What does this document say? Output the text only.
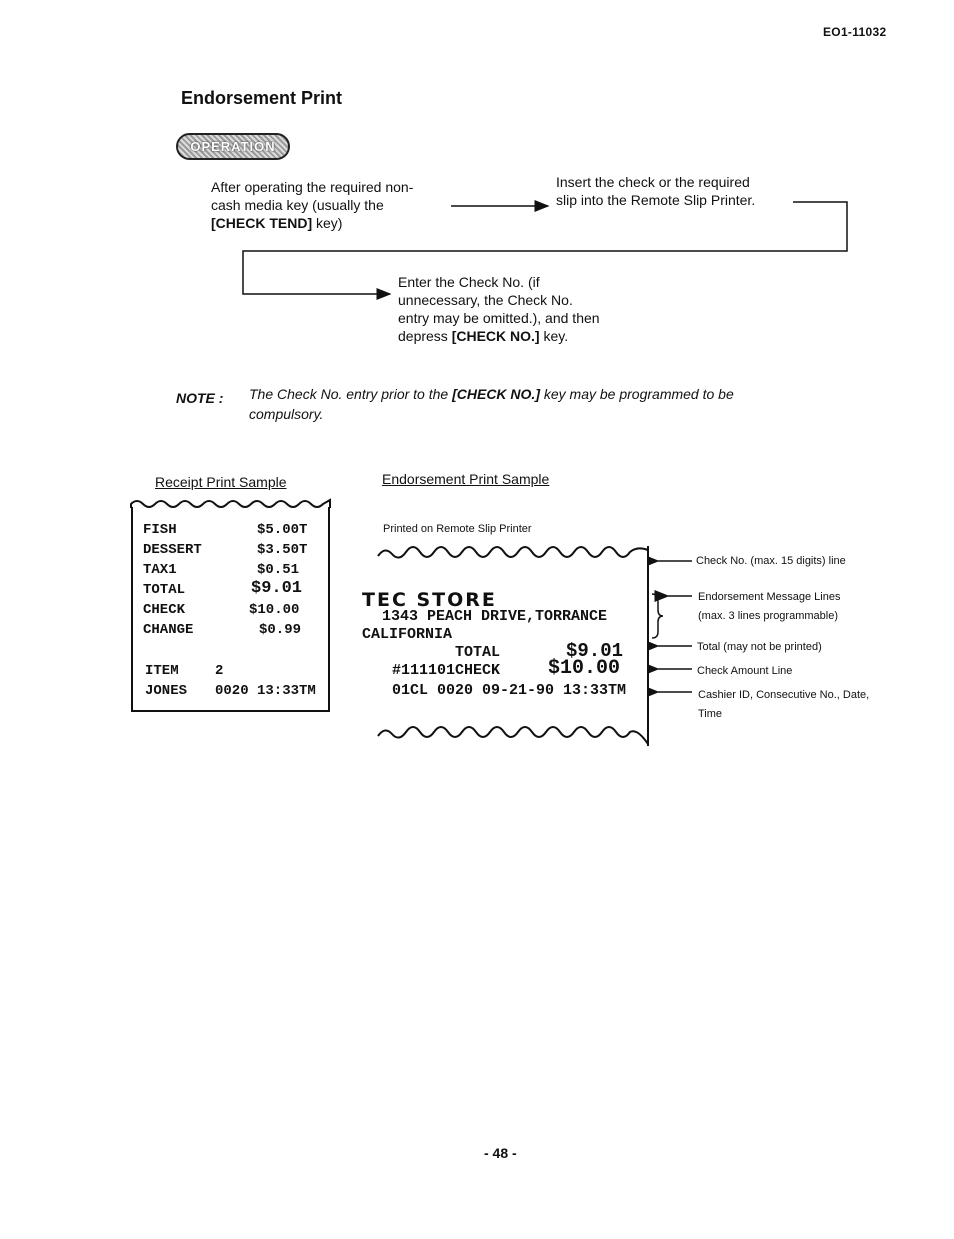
EO1-11032
Endorsement Print
OPERATION
After operating the required non-
cash media key (usually the
[CHECK TEND] key)
Insert the check or the required
slip into the Remote Slip Printer.
Enter the Check No. (if
unnecessary, the Check No.
entry may be omitted.), and then
depress [CHECK NO.] key.
NOTE : The Check No. entry prior to the [CHECK NO.] key may be programmed to be
compulsory.
Receipt Print Sample
FISH	$5.00T
DESSERT	$3.50T
TAX1	$0.51
TOTAL	$9.01
CHECK	$10.00
CHANGE	$0.99
ITEM	2
JONES 0020 13:33TM
Endorsement Print Sample
Printed on Remote Slip Printer
TEC STORE
1343 PEACH DRIVE,TORRANCE
CALIFORNIA
TOTAL	$9.01
#111101CHECK $10.00
01CL 0020 09-21-90 13:33TM
Check No. (max. 15 digits) line
Endorsement Message Lines
(max. 3 lines programmable)
Total (may not be printed)
Check Amount Line
Cashier ID, Consecutive No., Date,
Time
- 48 -
